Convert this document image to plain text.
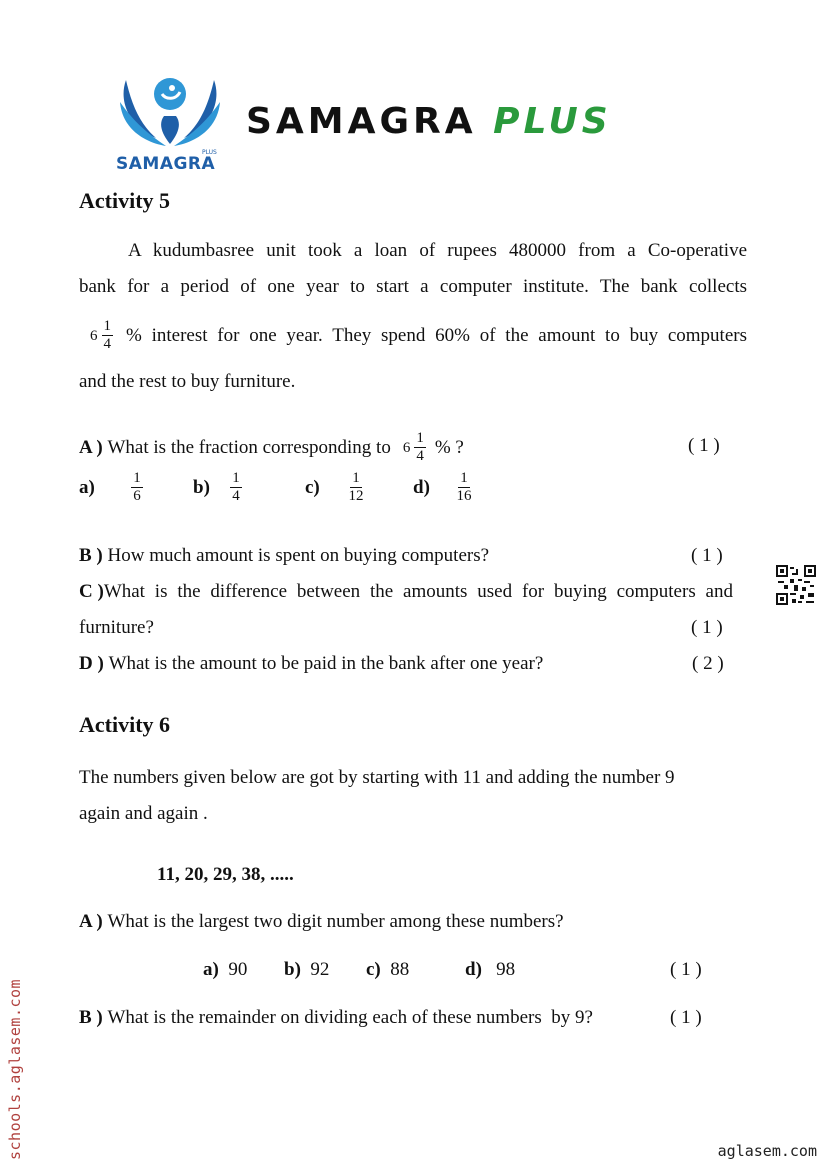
PLUS
SAMAGRA
SAMAGRA PLUS
Activity 5
A kudumbasree unit took a loan of rupees 480000 from a Co-operative
bank for a period of one year to start a computer institute. The bank collects
$6 \frac{1}{4}$ % interest for one year. They spend 60% of the amount to buy computers
and the rest to buy furniture.
A )
What is the fraction corresponding to $6 \frac{1}{4}$ % ?	( 1 )
a)	$\frac{1}{6} b) \frac{1}{4}$	c)	$\frac{1}{12} d$)	$\frac{1}{16}$
B ) How much amount is spent on buying computers?	( 1 )
C ) What is the difference between the amounts used for buying computers and
furniture?	( 1 )
D ) What is the amount to be paid in the bank after one year?	( 2 )
Activity 6
The numbers given below are got by starting with 11 and adding the number 9
again and again .
11, 20, 29, 38, .....
A ) What is the largest two digit number among these numbers?
a) 90 b) 92 c) 88	d) 98	( 1 )
B ) What is the remainder on dividing each of these numbers  by 9?	( 1 )
schools.aglasem.com	aglasem.com
